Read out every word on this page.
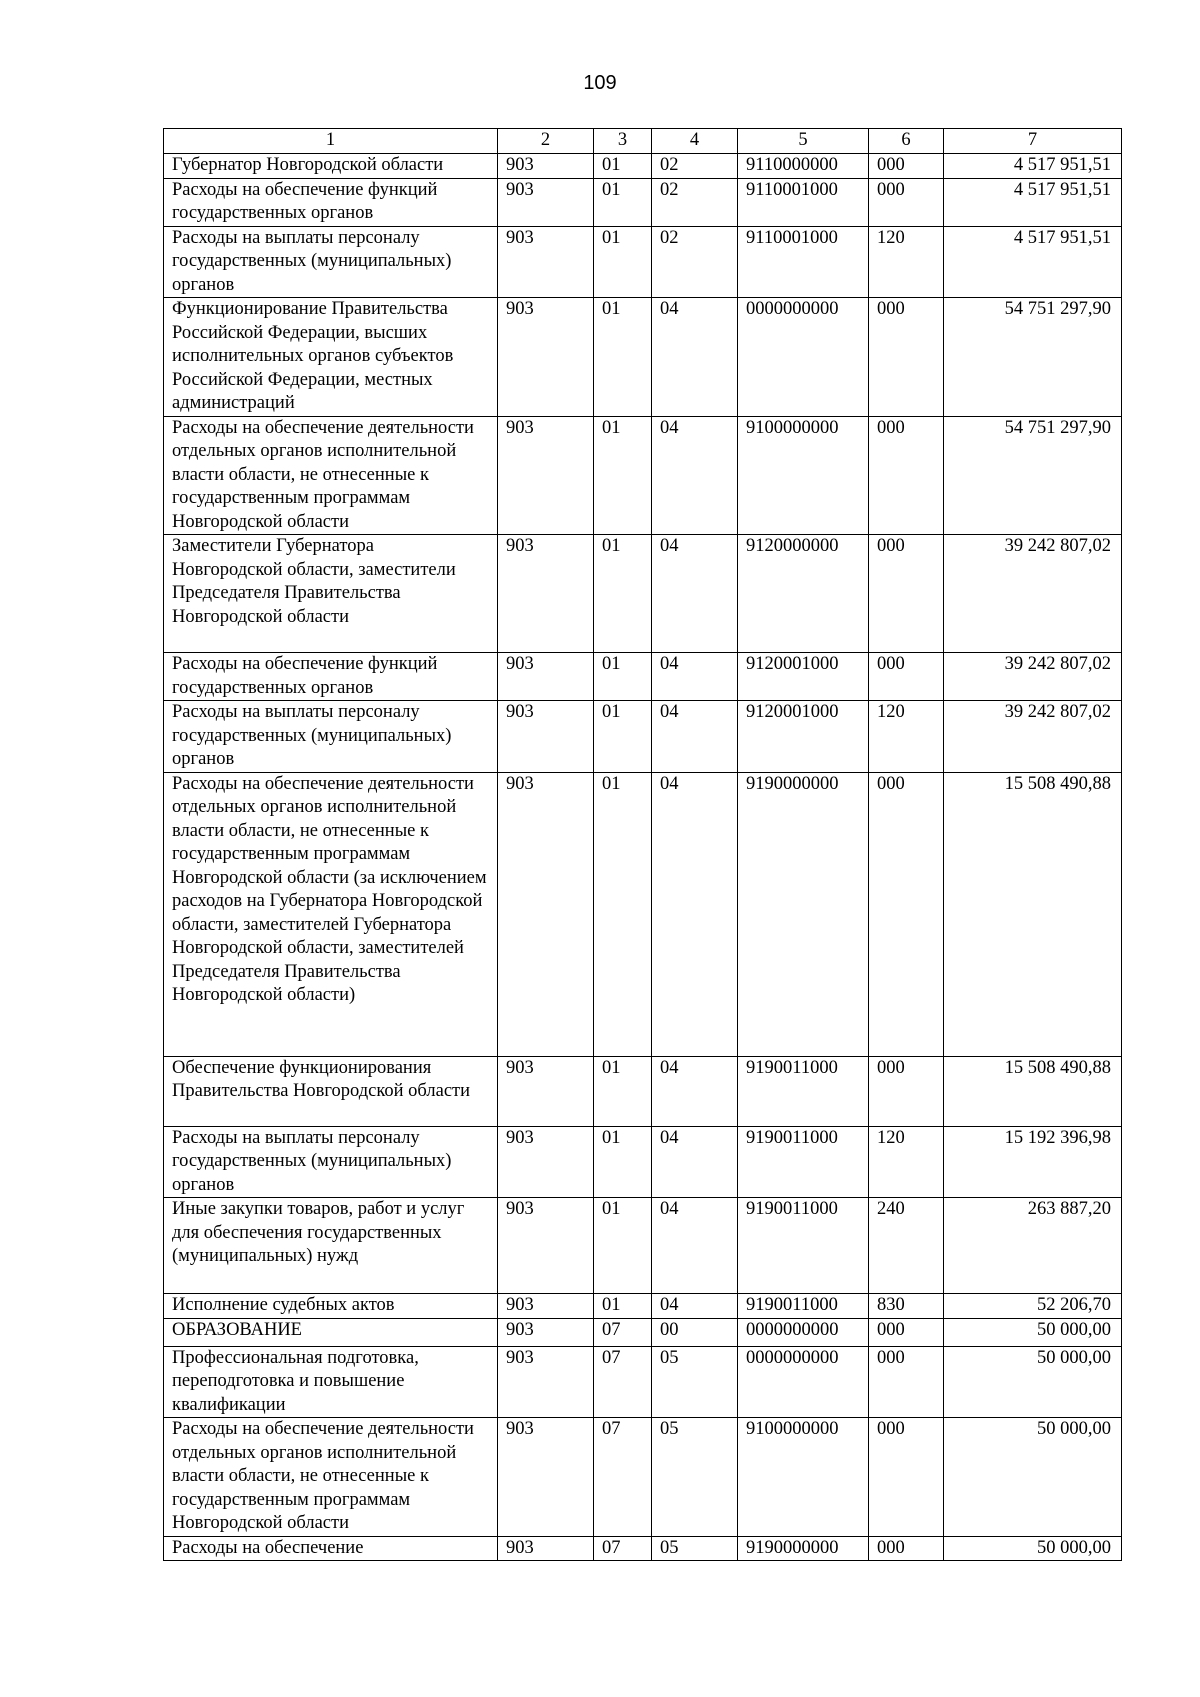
109
1	2	3	4	5	6	7
Губернатор Новгородской области	903	01	02	9110000000	000	4 517 951,51
Расходы на обеспечение функций государственных органов	903	01	02	9110001000	000	4 517 951,51
Расходы на выплаты персоналу государственных (муниципальных) органов	903	01	02	9110001000	120	4 517 951,51
Функционирование Правительства Российской Федерации, высших исполнительных органов субъектов Российской Федерации, местных администраций	903	01	04	0000000000	000	54 751 297,90
Расходы на обеспечение деятельности отдельных органов исполнительной власти области, не отнесенные к государственным программам Новгородской области	903	01	04	9100000000	000	54 751 297,90
Заместители Губернатора Новгородской области, заместители Председателя Правительства Новгородской области	903	01	04	9120000000	000	39 242 807,02
Расходы на обеспечение функций государственных органов	903	01	04	9120001000	000	39 242 807,02
Расходы на выплаты персоналу государственных (муниципальных) органов	903	01	04	9120001000	120	39 242 807,02
Расходы на обеспечение деятельности отдельных органов исполнительной власти области, не отнесенные к государственным программам Новгородской области (за исключением расходов на Губернатора Новгородской области, заместителей Губернатора Новгородской области, заместителей Председателя Правительства Новгородской области)	903	01	04	9190000000	000	15 508 490,88
Обеспечение функционирования Правительства Новгородской области	903	01	04	9190011000	000	15 508 490,88
Расходы на выплаты персоналу государственных (муниципальных) органов	903	01	04	9190011000	120	15 192 396,98
Иные закупки товаров, работ и услуг для обеспечения государственных (муниципальных) нужд	903	01	04	9190011000	240	263 887,20
Исполнение судебных актов	903	01	04	9190011000	830	52 206,70
ОБРАЗОВАНИЕ	903	07	00	0000000000	000	50 000,00
Профессиональная подготовка, переподготовка и повышение квалификации	903	07	05	0000000000	000	50 000,00
Расходы на обеспечение деятельности отдельных органов исполнительной власти области, не отнесенные к государственным программам Новгородской области	903	07	05	9100000000	000	50 000,00
Расходы на обеспечение	903	07	05	9190000000	000	50 000,00
